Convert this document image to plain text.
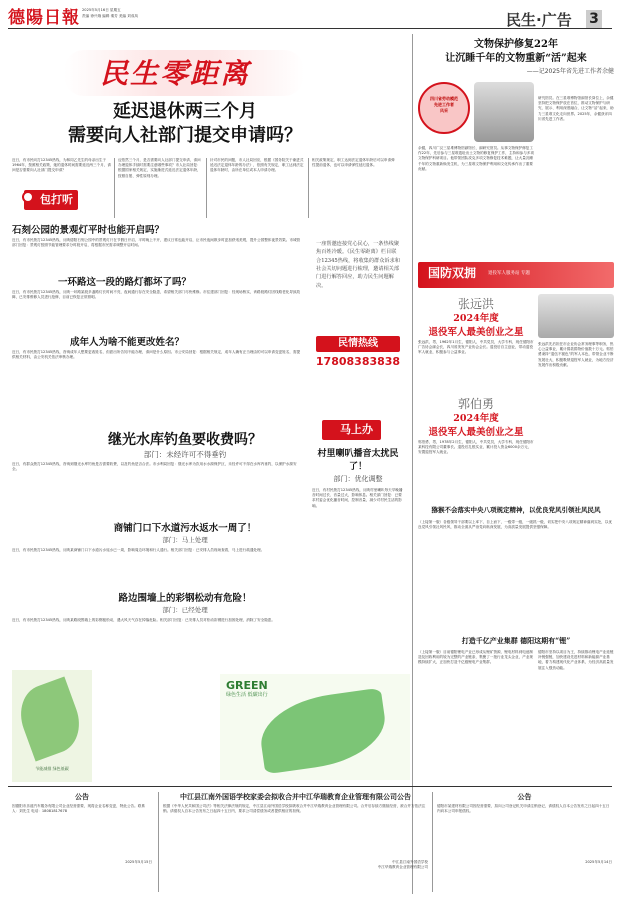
德陽日報 2025年5月16日 星期五
责编 徐兴娥 编辑 秦芳 美编 刘成凤	民生·广告 3
民生零距离
延迟退休两三个月
需要向人社部门提交申请吗？
近日，有市民向打12345热线，为林同乙先生的母亲出生于1964年，按照相关政策，她的退休时间需要延迟两三个月，请问是否需要向人社部门提交申请？
包打听
迈依然三个月，是否需要向人社部门提交申请，请问办理退休手续时需要注意哪些事项？市人社局回复：根据国家相关规定，实施渐进式延迟法定退休年龄，按照自愿、弹性原则办理。
针对市民的问题，市人社局回应，根据《国务院关于渐进式延迟法定退休年龄的办法》，依照有关规定，职工达到法定退休年龄时，由所在单位或本人申请办理。
相关政策规定，职工达到法定退休年龄后可以申请弹性提前退休，也可以申请弹性延迟退休。
石刻公园的景观灯平时也能开启吗？
近日，有市民拨打12345热线，反映德阳石刻公园中的景观灯只在节假日开启，平时晚上不开，建议日常也能开启，让市民夜间散步时更加舒适美观，提升公园整体夜景效果。市城管部门回复：景观灯按照节能管理要求分时段开启，将根据市民需求调整开启时间。
一环路这一段的路灯都坏了吗？
近日，有市民拨打12345热线，反映一环路某段多盏路灯长时间不亮，夜间通行存在安全隐患，希望相关部门尽快维修。市住建部门回复：经现场核实，该路段路灯因线路老化导致故障，已安排维修人员进行抢修，目前已恢复正常照明。
成年人为啥不能更改姓名？
近日，有市民拨打12345热线，咨询成年人想要更改姓名，但派出所告知不能办理，请问是什么原因。市公安局回复：根据相关规定，成年人确有正当理由的可以申请变更姓名，需提供相关材料，由公安机关依法审核办理。
一座帮邀连接党心民心，一条热线聚焦百姓冷暖。《民生零距离》栏目联合12345热线，将收集的群众诉求和社会关切问题进行梳理，邀请相关部门进行解答回应，助力民生问题解决。
民情热线
17808383838
马上办
继光水库钓鱼要收费吗？
部门：未经许可不得垂钓
近日，有群众拨打12345热线，咨询到继光水库钓鱼是否需要收费，以及钓鱼是否合法。市水利局回复：继光水库为饮用水水源保护区，未经许可不得在水库内垂钓，以保护水源安全。
村里喇叭播音太扰民了！
部门：优化调整
近日，有村民拨打12345热线，反映村里喇叭每天早晚播音时间过长、音量过大，影响休息。相关部门回复：已要求村委会优化播音时间，控制音量，减少对村民生活的影响。
商铺门口下水道污水返水一周了！
部门：马上处理
近日，有市民拨打12345热线，反映某商铺门口下水道污水返水已一周，影响周边环境和行人通行。相关部门回复：已安排人员现场查看，马上进行疏通处理。
路边围墙上的彩钢松动有危险！
部门：已经处理
近日，有市民拨打12345热线，反映某路段围墙上的彩钢板松动，遇大风天气存在掉落危险。相关部门回复：已安排人员对松动彩钢进行加固处理，消除了安全隐患。
节能减排 绿色低碳
GREEN
绿色生活 低碳出行
文物保护修复22年
让沉睡千年的文物重新“活”起来
——记2025年省先进工作者余健
四川省劳动模范
先进工作者
风采
余健，四川广汉三星堆博物馆副馆长、副研究馆员。从事文物保护修复工作22年，先后参与三星堆遗址出土文物的修复保护工作，主持和参与多项文物保护科研项目。他带领团队攻克多项文物修复技术难题，让大量沉睡千年的文物重新焕发生机，为三星堆文物保护利用和文化传承作出了重要贡献。
研究馆员。在三星堆博物馆副馆长岗位上，余健坚持把文物保护放在首位，推动文物保护与研究、展示、利用深度融合，让文物“活”起来，助力三星堆文化走向世界。2025年，余健获评四川省先进工作者。
国防双拥	退役军人服务站 专题
张远洪
2024年度
退役军人最美创业之星
张远洪，男，1962年1月生，德阳人，中共党员，大学专科，现任德阳市广告协会副会长，四川省美发产业协会会长。退役后自主创业，带动退役军人就业，积极参与公益事业。
郭伯勇
2024年度
退役军人最美创业之星
郭伯勇，男，1978年2月生，德阳人，中共党员，大学专科，现任德阳市某科技有限公司董事长。退役后扎根实业，累计投入资金6000余万元，安置退役军人就业。
张远洪先后担任市企业协会常务理事等职务，热心公益事业，累计捐款捐物价值数十万元。郭伯勇秉持“退伍不褪色”的军人本色，带领企业不断发展壮大，积极吸纳退役军人就业，为地方经济发展作出积极贡献。
猕猴不会落实中央八项规定精神，以优良党风引领社风民风
（上接第一版）各级领导干部要以上率下，自上而下，一级带一级，一级抓一级，切实把中央八项规定精神落到实处，以优良党风引领社风民风，推动全面从严治党向纵深发展，为高质量发展提供坚强保障。
打造千亿产业集群 德阳这期有“锂”
（上接第一版）目前德阳锂电产业已形成从锂矿资源、锂电材料到电池制造及回收利用的较为完整的产业链条，集聚了一批行业龙头企业，产业规模持续扩大，正加快打造千亿级锂电产业集群。
德阳市坚持以项目为王，持续推动锂电产业延链补链强链，加快建设先进材料和新能源产业基地，着力构建现代化产业体系，为经济高质量发展注入强劲动能。
公告
因德阳市乐道汽车服务有限公司企业经营需要，现将企业名称变更，特此公告。联系人：刘先生 电话：18081817678
2025年5月15日
中江县江南外国语学校家委会拟收合并中江华瑞教育企业管理有限公司公告
根据《中华人民共和国公司法》等相关法律法规的规定，中江县江南外国语学校拟吸收合并中江华瑞教育企业管理有限公司。合并后存续方继续经营，被合并方依法注销。请债权人自本公告发布之日起四十五日内，要求公司清偿债务或者提供相应的担保。
中江县江南外国语学校
中江华瑞教育企业管理有限公司
公告
德阳市某建材有限公司因经营需要，拟向公司登记机关申请注销登记，请债权人自本公告发布之日起四十五日内向本公司申报债权。
2025年5月14日
